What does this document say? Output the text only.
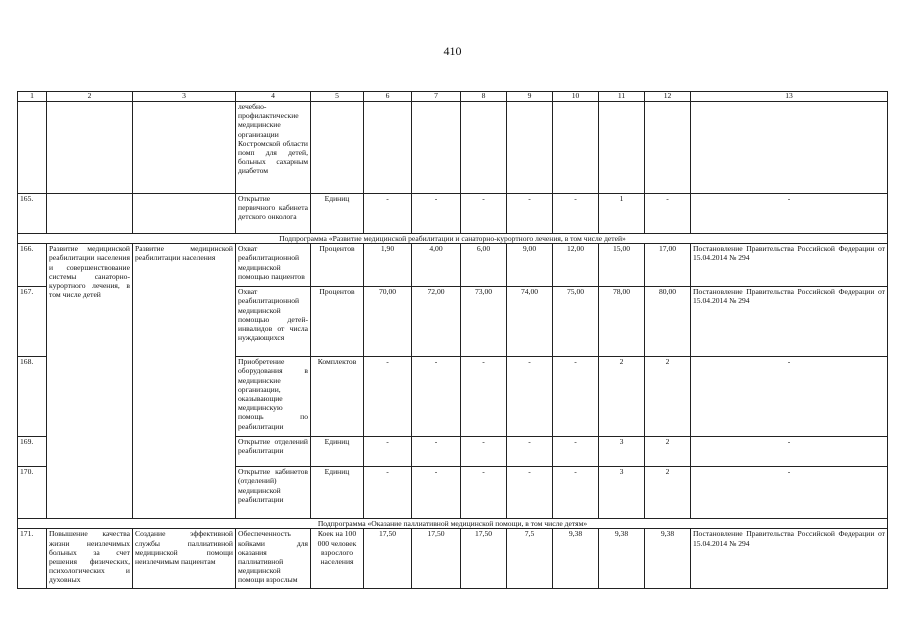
410
1	2	3	4	5	6	7	8	9	10	11	12	13
			лечебно-профилактические медицинские организации Костромской области помп для детей, больных сахарным диабетом									
165.			Открытие первичного кабинета детского онколога	Единиц	-	-	-	-	-	1	-	-
Подпрограмма «Развитие медицинской реабилитации и санаторно-курортного лечения, в том числе детей»												
166.	Развитие медицинской реабилитации населения и совершенствование системы санаторно-курортного лечения, в том числе детей	Развитие медицинской реабилитации населения	Охват реабилитационной медицинской помощью пациентов	Процентов	1,90	4,00	6,00	9,00	12,00	15,00	17,00	Постановление Правительства Российской Федерации от 15.04.2014 № 294
167.			Охват реабилитационной медицинской помощью детей-инвалидов от числа нуждающихся	Процентов	70,00	72,00	73,00	74,00	75,00	78,00	80,00	Постановление Правительства Российской Федерации от 15.04.2014 № 294
168.			Приобретение оборудования в медицинские организации, оказывающие медицинскую помощь по реабилитации	Комплектов	-	-	-	-	-	2	2	-
169.			Открытие отделений реабилитации	Единиц	-	-	-	-	-	3	2	-
170.			Открытие кабинетов (отделений) медицинской реабилитации	Единиц	-	-	-	-	-	3	2	-
Подпрограмма «Оказание паллиативной медицинской помощи, в том числе детям»												
171.	Повышение качества жизни неизлечимых больных за счет решения физических, психологических и духовных	Создание эффективной службы паллиативной медицинской помощи неизлечимым пациентам	Обеспеченность койками для оказания паллиативной медицинской помощи взрослым	Коек на 100 000 человек взрослого населения	17,50	17,50	17,50	7,5	9,38	9,38	9,38	Постановление Правительства Российской Федерации от 15.04.2014 № 294
